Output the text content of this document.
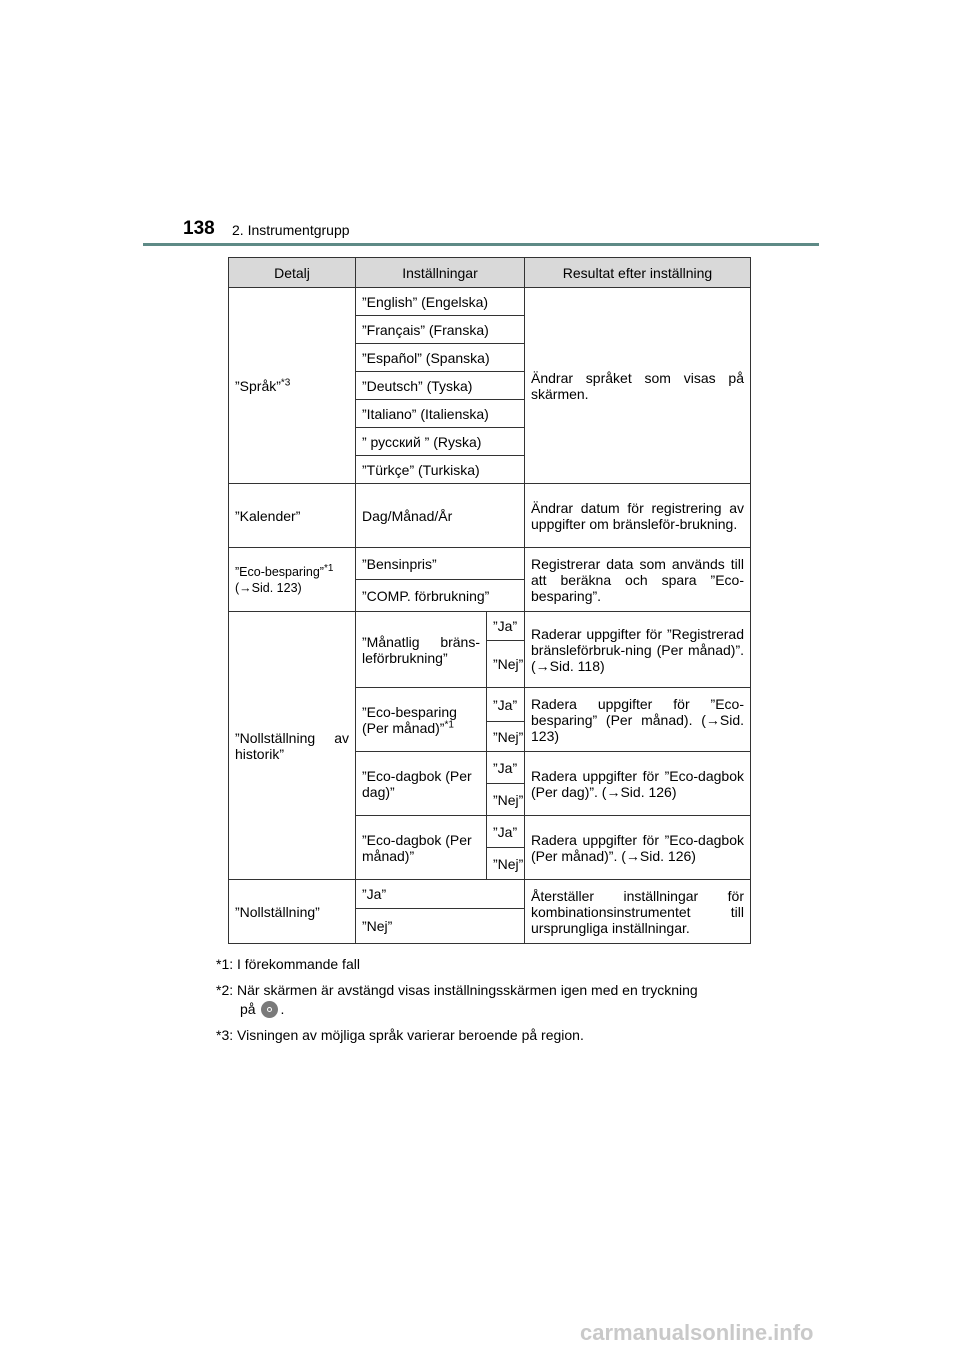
138 2. Instrumentgrupp
Detalj	Inställningar		Resultat efter inställning
”Språk”$^{*3}$	”English” (Engelska)		Ändrar språket som visas på skärmen.
	”Français” (Franska)		
	”Español” (Spanska)		
	”Deutsch” (Tyska)		
	”Italiano” (Italienska)		
	” русский ” (Ryska)		
	”Türkçe” (Turkiska)		
”Kalender”	Dag/Månad/År		Ändrar datum för registrering av uppgifter om bränsleför-brukning.
”Eco-besparing”$^{*1}$
(→Sid. 123)	”Bensinpris”		Registrerar data som används till att beräkna och spara ”Eco-besparing”.
	”COMP. förbrukning”		
”Nollställning av historik”	”Månatlig bräns-leförbrukning”	”Ja”	Raderar uppgifter för ”Registrerad bränsleförbruk-ning (Per månad)”. (→Sid. 118)
		”Nej”	
	”Eco-besparing (Per månad)”$^{*1}$	”Ja”	Radera uppgifter för ”Eco-besparing” (Per månad). (→Sid. 123)
		”Nej”	
	”Eco-dagbok (Per dag)”	”Ja”	Radera uppgifter för ”Eco-dagbok (Per dag)”. (→Sid. 126)
		”Nej”	
	”Eco-dagbok (Per månad)”	”Ja”	Radera uppgifter för ”Eco-dagbok (Per månad)”. (→Sid. 126)
		”Nej”	
”Nollställning”	”Ja”		Återställer inställningar för kombinationsinstrumentet till ursprungliga inställningar.
	”Nej”		
*1: I förekommande fall
*2: När skärmen är avstängd visas inställningsskärmen igen med en tryckning
på .
*3: Visningen av möjliga språk varierar beroende på region.
carmanualsonline.info
